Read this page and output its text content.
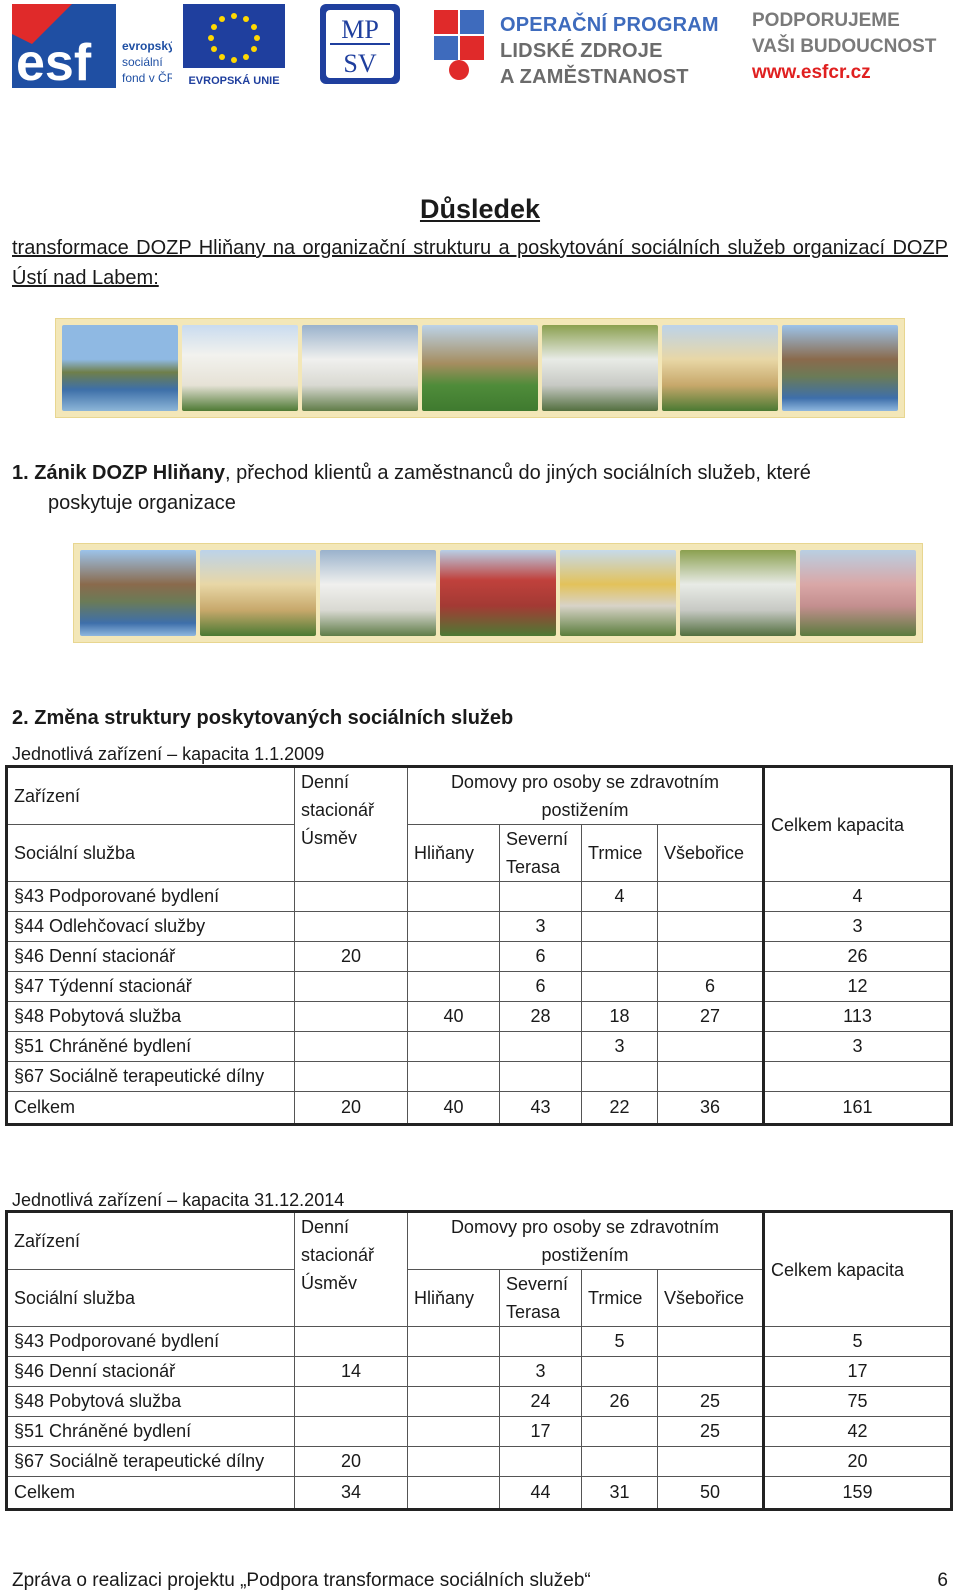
esf	evropský
sociální
fond v ČR EVROPSKÁ UNIE
MP
SV
OPERAČNÍ PROGRAM
LIDSKÉ ZDROJE
A ZAMĚSTNANOST
PODPORUJEME
VAŠI BUDOUCNOST
www.esfcr.cz
Důsledek
transformace DOZP Hliňany na organizační strukturu a poskytování sociálních služeb organizací DOZP Ústí nad Labem:
1. Zánik DOZP Hliňany, přechod klientů a zaměstnanců do jiných sociálních služeb, které
poskytuje organizace
2. Změna struktury poskytovaných sociálních služeb
Jednotlivá zařízení – kapacita 1.1.2009
Zařízení	Denní stacionář Úsměv	Domovy pro osoby se zdravotním postižením				Celkem kapacita
Sociální služba		Hliňany	Severní Terasa	Trmice	Všebořice	
§43 Podporované bydlení				4		4
§44 Odlehčovací služby			3			3
§46 Denní stacionář	20		6			26
§47 Týdenní stacionář			6		6	12
§48 Pobytová služba		40	28	18	27	113
§51 Chráněné bydlení				3		3
§67 Sociálně terapeutické dílny						
Celkem	20	40	43	22	36	161
Jednotlivá zařízení – kapacita 31.12.2014
Zařízení	Denní stacionář Úsměv	Domovy pro osoby se zdravotním postižením				Celkem kapacita
Sociální služba		Hliňany	Severní Terasa	Trmice	Všebořice	
§43 Podporované bydlení				5		5
§46 Denní stacionář	14		3			17
§48 Pobytová služba			24	26	25	75
§51 Chráněné bydlení			17		25	42
§67 Sociálně terapeutické dílny	20					20
Celkem	34		44	31	50	159
Zpráva o realizaci projektu „Podpora transformace sociálních služeb“	6
